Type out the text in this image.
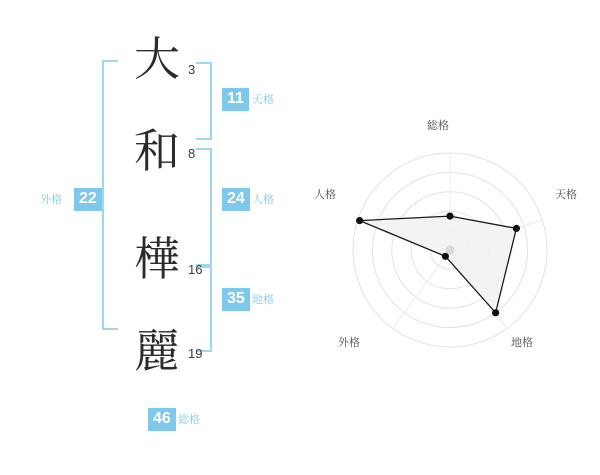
大
和
樺
麗
3
8
16
19
11 天格
24 人格
35 地格
22
外格
46 総格
総格
天格
地格
外格
人格
